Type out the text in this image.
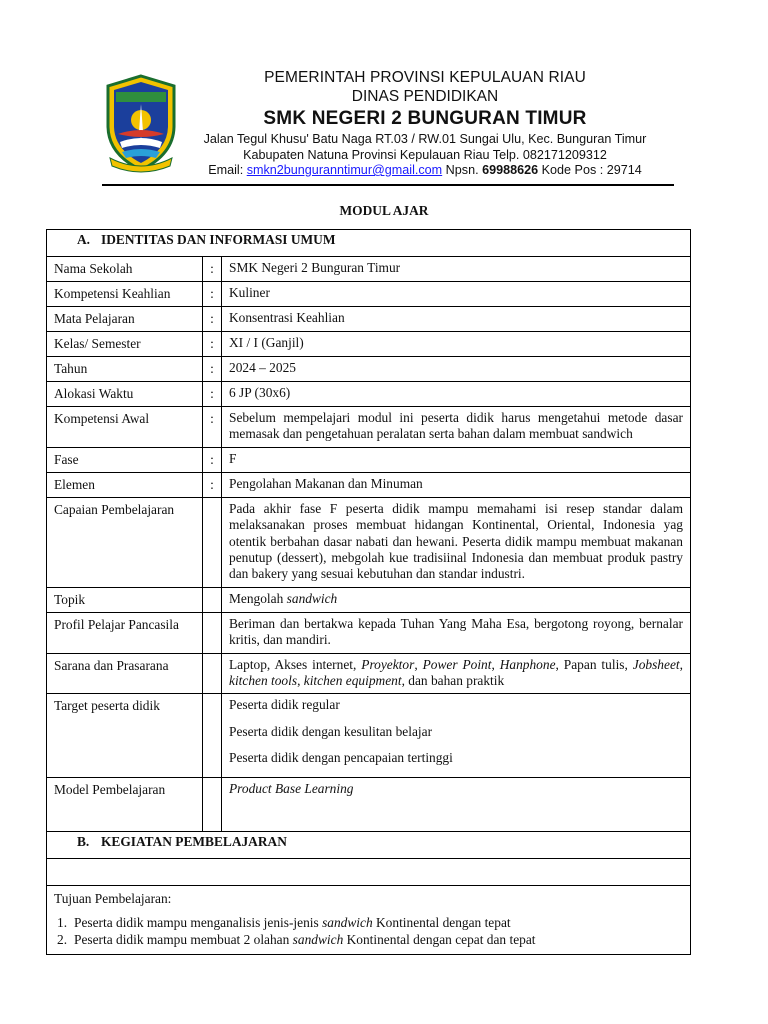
PEMERINTAH PROVINSI KEPULAUAN RIAU
DINAS PENDIDIKAN
SMK NEGERI 2 BUNGURAN TIMUR
Jalan Tegul Khusu' Batu Naga RT.03 / RW.01 Sungai Ulu, Kec. Bunguran Timur
Kabupaten Natuna Provinsi Kepulauan Riau Telp. 082171209312
Email: smkn2bunguranntimur@gmail.com Npsn. 69988626 Kode Pos : 29714
MODUL AJAR
A. IDENTITAS DAN INFORMASI UMUM
Nama Sekolah	:	SMK Negeri 2 Bunguran Timur
Kompetensi Keahlian	:	Kuliner
Mata Pelajaran	:	Konsentrasi Keahlian
Kelas/ Semester	:	XI / I (Ganjil)
Tahun	:	2024 – 2025
Alokasi Waktu	:	6 JP (30x6)
Kompetensi Awal	:	Sebelum mempelajari modul ini peserta didik harus mengetahui metode dasar memasak dan pengetahuan peralatan serta bahan dalam membuat sandwich
Fase	:	F
Elemen	:	Pengolahan Makanan dan Minuman
Capaian Pembelajaran	Pada akhir fase F peserta didik mampu memahami isi resep standar dalam melaksanakan proses membuat hidangan Kontinental, Oriental, Indonesia yag otentik berbahan dasar nabati dan hewani. Peserta didik mampu membuat makanan penutup (dessert), mebgolah kue tradisiinal Indonesia dan membuat produk pastry dan bakery yang sesuai kebutuhan dan standar industri.
Topik	Mengolah sandwich
Profil Pelajar Pancasila	Beriman dan bertakwa kepada Tuhan Yang Maha Esa, bergotong royong, bernalar kritis, dan mandiri.
Sarana dan Prasarana	Laptop, Akses internet, Proyektor, Power Point, Hanphone, Papan tulis, Jobsheet, kitchen tools, kitchen equipment, dan bahan praktik
Target peserta didik	Peserta didik regular
Peserta didik dengan kesulitan belajar
Peserta didik dengan pencapaian tertinggi
Model Pembelajaran	Product Base Learning
B. KEGIATAN PEMBELAJARAN
Tujuan Pembelajaran:
1. Peserta didik mampu menganalisis jenis-jenis sandwich Kontinental dengan tepat
2. Peserta didik mampu membuat 2 olahan sandwich Kontinental dengan cepat dan tepat
